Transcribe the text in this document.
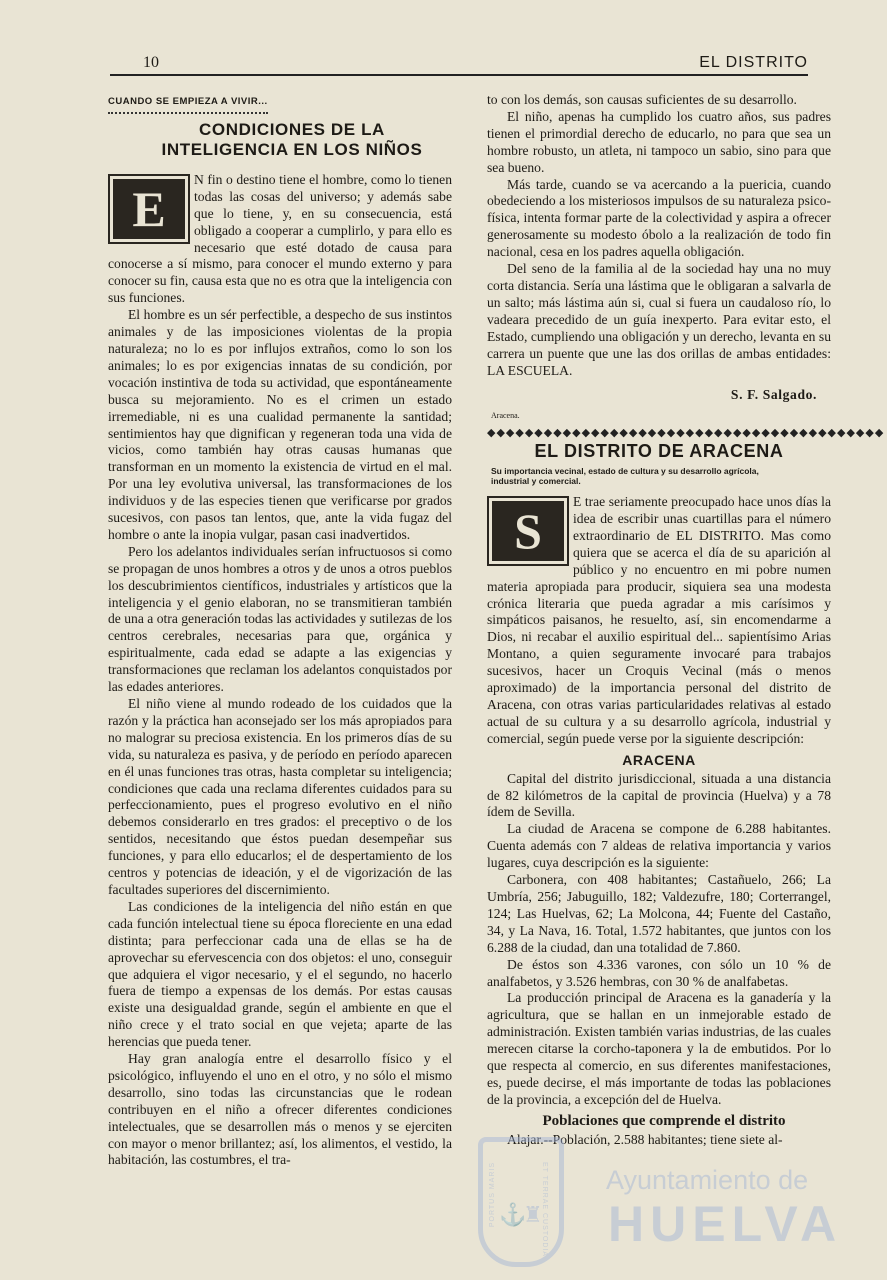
10	EL DISTRITO
CUANDO SE EMPIEZA A VIVIR...
CONDICIONES DE LA INTELIGENCIA EN LOS NIÑOS
E

N fin o destino tiene el hombre, como lo tienen todas las cosas del universo; y además sabe que lo tiene, y, en su consecuencia, está obligado a cooperar a cumplirlo, y para ello es necesario que esté dotado de causa para conocerse a sí mismo, para conocer el mundo externo y para conocer su fin, causa esta que no es otra que la inteligencia con sus funciones.

El hombre es un sér perfectible, a despecho de sus instintos animales y de las imposiciones violentas de la propia naturaleza; no lo es por influjos extraños, como lo son los animales; lo es por exigencias innatas de su condición, por vocación instintiva de toda su actividad, que espontáneamente busca su mejoramiento. No es el crimen un estado irremediable, ni es una cualidad permanente la santidad; sentimientos hay que dignifican y regeneran toda una vida de vicios, como también hay otras causas humanas que transforman en un momento la existencia de virtud en el mal. Por una ley evolutiva universal, las transformaciones de los individuos y de las especies tienen que verificarse por grados sucesivos, con pasos tan lentos, que, ante la vida fugaz del hombre o ante la inopia vulgar, pasan casi inadvertidos.

Pero los adelantos individuales serían infructuosos si como se propagan de unos hombres a otros y de unos a otros pueblos los descubrimientos científicos, industriales y artísticos que la inteligencia y el genio elaboran, no se transmitieran también de una a otra generación todas las actividades y sutilezas de los centros cerebrales, necesarias para que, orgánica y espiritualmente, cada edad se adapte a las exigencias y transformaciones que reclaman los adelantos conquistados por las edades anteriores.

El niño viene al mundo rodeado de los cuidados que la razón y la práctica han aconsejado ser los más apropiados para no malograr su preciosa existencia. En los primeros días de su vida, su naturaleza es pasiva, y de período en período aparecen en él unas funciones tras otras, hasta completar su inteligencia; condiciones que cada una reclama diferentes cuidados para su perfeccionamiento, pues el progreso evolutivo en el niño debemos considerarlo en tres grados: el preceptivo o de los sentidos, necesitando que éstos puedan desempeñar sus funciones, y para ello educarlos; el de despertamiento de los centros y potencias de ideación, y el de vigorización de las facultades superiores del discernimiento.

Las condiciones de la inteligencia del niño están en que cada función intelectual tiene su época floreciente en una edad distinta; para perfeccionar cada una de ellas se ha de aprovechar su efervescencia con dos objetos: el uno, conseguir que adquiera el vigor necesario, y el el segundo, no hacerlo fuera de tiempo a expensas de los demás. Por estas causas existe una desigualdad grande, según el ambiente en que el niño crece y el trato social en que vejeta; aparte de las herencias que pueda tener.

Hay gran analogía entre el desarrollo físico y el psicológico, influyendo el uno en el otro, y no sólo el mismo desarrollo, sino todas las circunstancias que le rodean contribuyen en el niño a ofrecer diferentes condiciones intelectuales, que se desarrollen más o menos y se ejerciten con mayor o menor brillantez; así, los alimentos, el vestido, la habitación, las costumbres, el tra-

to con los demás, son causas suficientes de su desarrollo.

El niño, apenas ha cumplido los cuatro años, sus padres tienen el primordial derecho de educarlo, no para que sea un hombre robusto, un atleta, ni tampoco un sabio, sino para que sea bueno.

Más tarde, cuando se va acercando a la puericia, cuando obedeciendo a los misteriosos impulsos de su naturaleza psico-física, intenta formar parte de la colectividad y aspira a ofrecer generosamente su modesto óbolo a la realización de todo fin nacional, cesa en los padres aquella obligación.

Del seno de la familia al de la sociedad hay una no muy corta distancia. Sería una lástima que le obligaran a salvarla de un salto; más lástima aún si, cual si fuera un caudaloso río, lo vadeara precedido de un guía inexperto. Para evitar esto, el Estado, cumpliendo una obligación y un derecho, levanta en su carrera un puente que une las dos orillas de ambas entidades: LA ESCUELA.

S. F. Salgado.
Aracena.
◆◆◆◆◆◆◆◆◆◆◆◆◆◆◆◆◆◆◆◆◆◆◆◆◆◆◆◆◆◆◆◆◆◆◆◆◆◆◆◆◆◆
EL DISTRITO DE ARACENA
Su importancia vecinal, estado de cultura y su desarrollo agrícola, industrial y comercial.
S

E trae seriamente preocupado hace unos días la idea de escribir unas cuartillas para el número extraordinario de EL DISTRITO. Mas como quiera que se acerca el día de su aparición al público y no encuentro en mi pobre numen materia apropiada para producir, siquiera sea una modesta crónica literaria que pueda agradar a mis carísimos y simpáticos paisanos, he resuelto, así, sin encomendarme a Dios, ni recabar el auxilio espiritual del... sapientísimo Arias Montano, a quien seguramente invocaré para trabajos sucesivos, hacer un Croquis Vecinal (más o menos aproximado) de la importancia personal del distrito de Aracena, con otras varias particularidades relativas al estado actual de su cultura y a su desarrollo agrícola, industrial y comercial, según puede verse por la siguiente descripción:

ARACENA

Capital del distrito jurisdiccional, situada a una distancia de 82 kilómetros de la capital de provincia (Huelva) y a 78 ídem de Sevilla.

La ciudad de Aracena se compone de 6.288 habitantes. Cuenta además con 7 aldeas de relativa importancia y varios lugares, cuya descripción es la siguiente:

Carbonera, con 408 habitantes; Castañuelo, 266; La Umbría, 256; Jabuguillo, 182; Valdezufre, 180; Corterrangel, 124; Las Huelvas, 62; La Molcona, 44; Fuente del Castaño, 34, y La Nava, 16. Total, 1.572 habitantes, que juntos con los 6.288 de la ciudad, dan una totalidad de 7.860.

De éstos son 4.336 varones, con sólo un 10 % de analfabetos, y 3.526 hembras, con 30 % de analfabetas.

La producción principal de Aracena es la ganadería y la agricultura, que se hallan en un inmejorable estado de administración. Existen también varias industrias, de las cuales merecen citarse la corcho-taponera y la de embutidos. Por lo que respecta al comercio, en sus diferentes manifestaciones, es, puede decirse, el más importante de todas las poblaciones de la provincia, a excepción del de Huelva.

Poblaciones que comprende el distrito

Alajar.--Población, 2.588 habitantes; tiene siete al-

PORTUS MARIS	ET TERRAE CUSTODIA
⚓
♜
Ayuntamiento de
HUELVA
